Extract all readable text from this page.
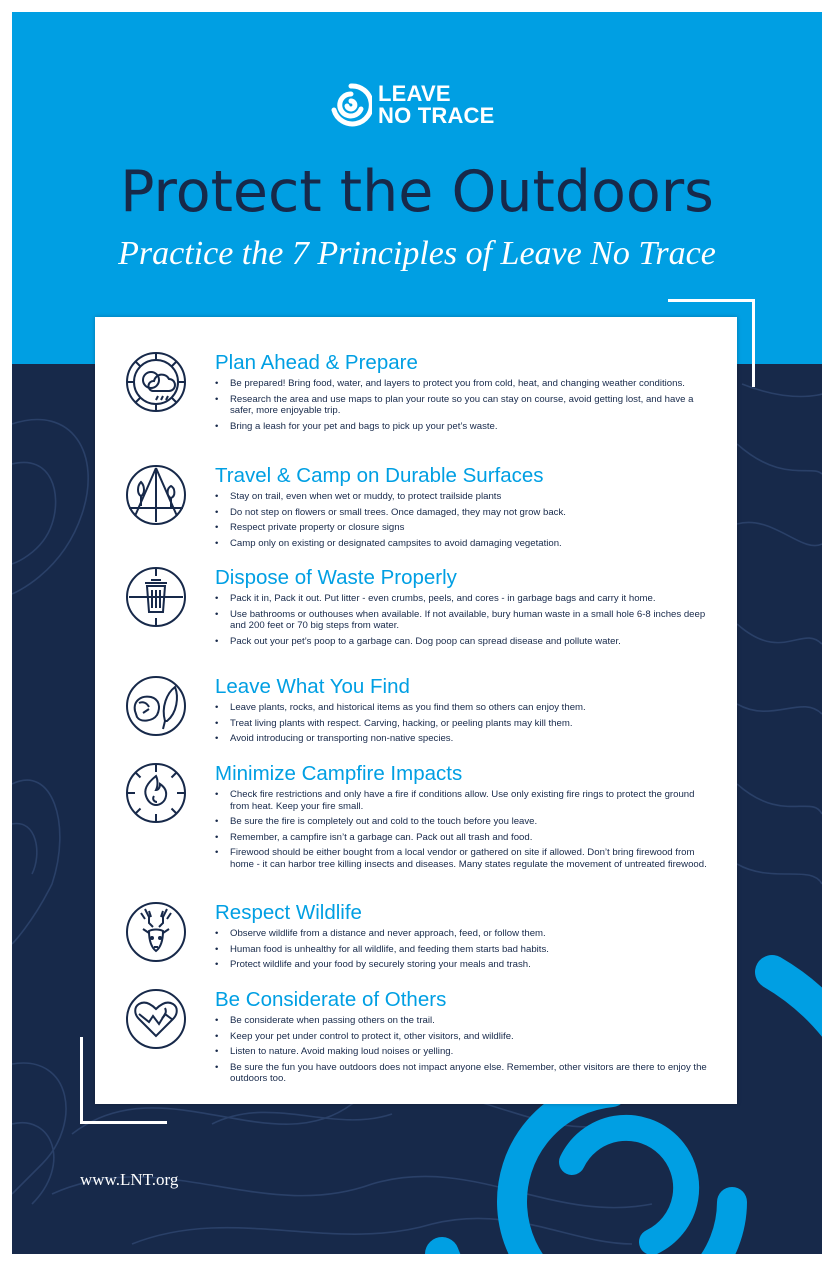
LEAVE
NO TRACE
Protect the Outdoors
Practice the 7 Principles of Leave No Trace
Plan Ahead & Prepare
• Be prepared! Bring food, water, and layers to protect you from cold, heat, and changing weather conditions.
• Research the area and use maps to plan your route so you can stay on course, avoid getting lost, and have a safer, more enjoyable trip.
• Bring a leash for your pet and bags to pick up your pet’s waste.
Travel & Camp on Durable Surfaces
• Stay on trail, even when wet or muddy, to protect trailside plants
• Do not step on flowers or small trees. Once damaged, they may not grow back.
• Respect private property or closure signs
• Camp only on existing or designated campsites to avoid damaging vegetation.
Dispose of Waste Properly
• Pack it in, Pack it out. Put litter - even crumbs, peels, and cores - in garbage bags and carry it home.
• Use bathrooms or outhouses when available. If not available, bury human waste in a small hole 6-8 inches deep and 200 feet or 70 big steps from water.
• Pack out your pet’s poop to a garbage can. Dog poop can spread disease and pollute water.
Leave What You Find
• Leave plants, rocks, and historical items as you find them so others can enjoy them.
• Treat living plants with respect. Carving, hacking, or peeling plants may kill them.
• Avoid introducing or transporting non-native species.
Minimize Campfire Impacts
• Check fire restrictions and only have a fire if conditions allow. Use only existing fire rings to protect the ground from heat. Keep your fire small.
• Be sure the fire is completely out and cold to the touch before you leave.
• Remember, a campfire isn’t a garbage can. Pack out all trash and food.
• Firewood should be either bought from a local vendor or gathered on site if allowed. Don’t bring firewood from home - it can harbor tree killing insects and diseases. Many states regulate the movement of untreated firewood.
Respect Wildlife
• Observe wildlife from a distance and never approach, feed, or follow them.
• Human food is unhealthy for all wildlife, and feeding them starts bad habits.
• Protect wildlife and your food by securely storing your meals and trash.
Be Considerate of Others
• Be considerate when passing others on the trail.
• Keep your pet under control to protect it, other visitors, and wildlife.
• Listen to nature. Avoid making loud noises or yelling.
• Be sure the fun you have outdoors does not impact anyone else. Remember, other visitors are there to enjoy the outdoors too.
www.LNT.org
